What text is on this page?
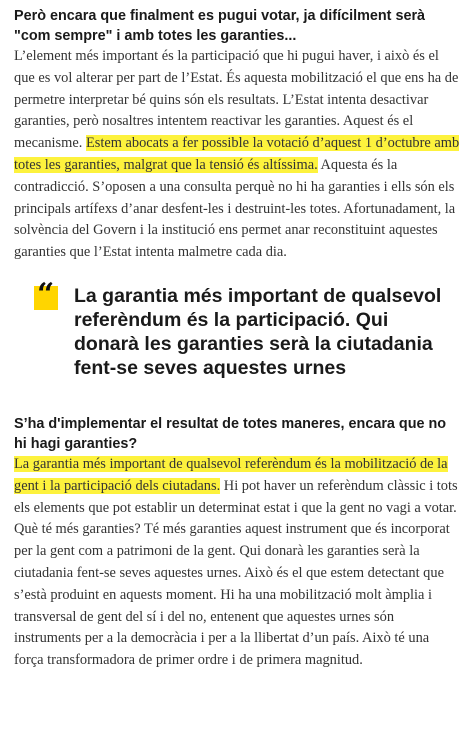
Però encara que finalment es pugui votar, ja difícilment serà "com sempre" i amb totes les garanties...

L’element més important és la participació que hi pugui haver, i això és el que es vol alterar per part de l’Estat. És aquesta mobilització el que ens ha de permetre interpretar bé quins són els resultats. L’Estat intenta desactivar garanties, però nosaltres intentem reactivar les garanties. Aquest és el mecanisme. Estem abocats a fer possible la votació d’aquest 1 d’octubre amb totes les garanties, malgrat que la tensió és altíssima. Aquesta és la contradicció. S’oposen a una consulta perquè no hi ha garanties i ells són els principals artífexs d’anar desfent-les i destruint-les totes. Afortunadament, la solvència del Govern i la institució ens permet anar reconstituint aquestes garanties que l’Estat intenta malmetre cada dia.

“ La garantia més important de qualsevol referèndum és la participació. Qui donarà les garanties serà la ciutadania fent-se seves aquestes urnes

S’ha d'implementar el resultat de totes maneres, encara que no hi hagi garanties?

La garantia més important de qualsevol referèndum és la mobilització de la gent i la participació dels ciutadans. Hi pot haver un referèndum clàssic i tots els elements que pot establir un determinat estat i que la gent no vagi a votar. Què té més garanties? Té més garanties aquest instrument que és incorporat per la gent com a patrimoni de la gent. Qui donarà les garanties serà la ciutadania fent-se seves aquestes urnes. Això és el que estem detectant que s’està produint en aquests moment. Hi ha una mobilització molt àmplia i transversal de gent del sí i del no, entenent que aquestes urnes són instruments per a la democràcia i per a la llibertat d’un país. Això té una força transformadora de primer ordre i de primera magnitud.
